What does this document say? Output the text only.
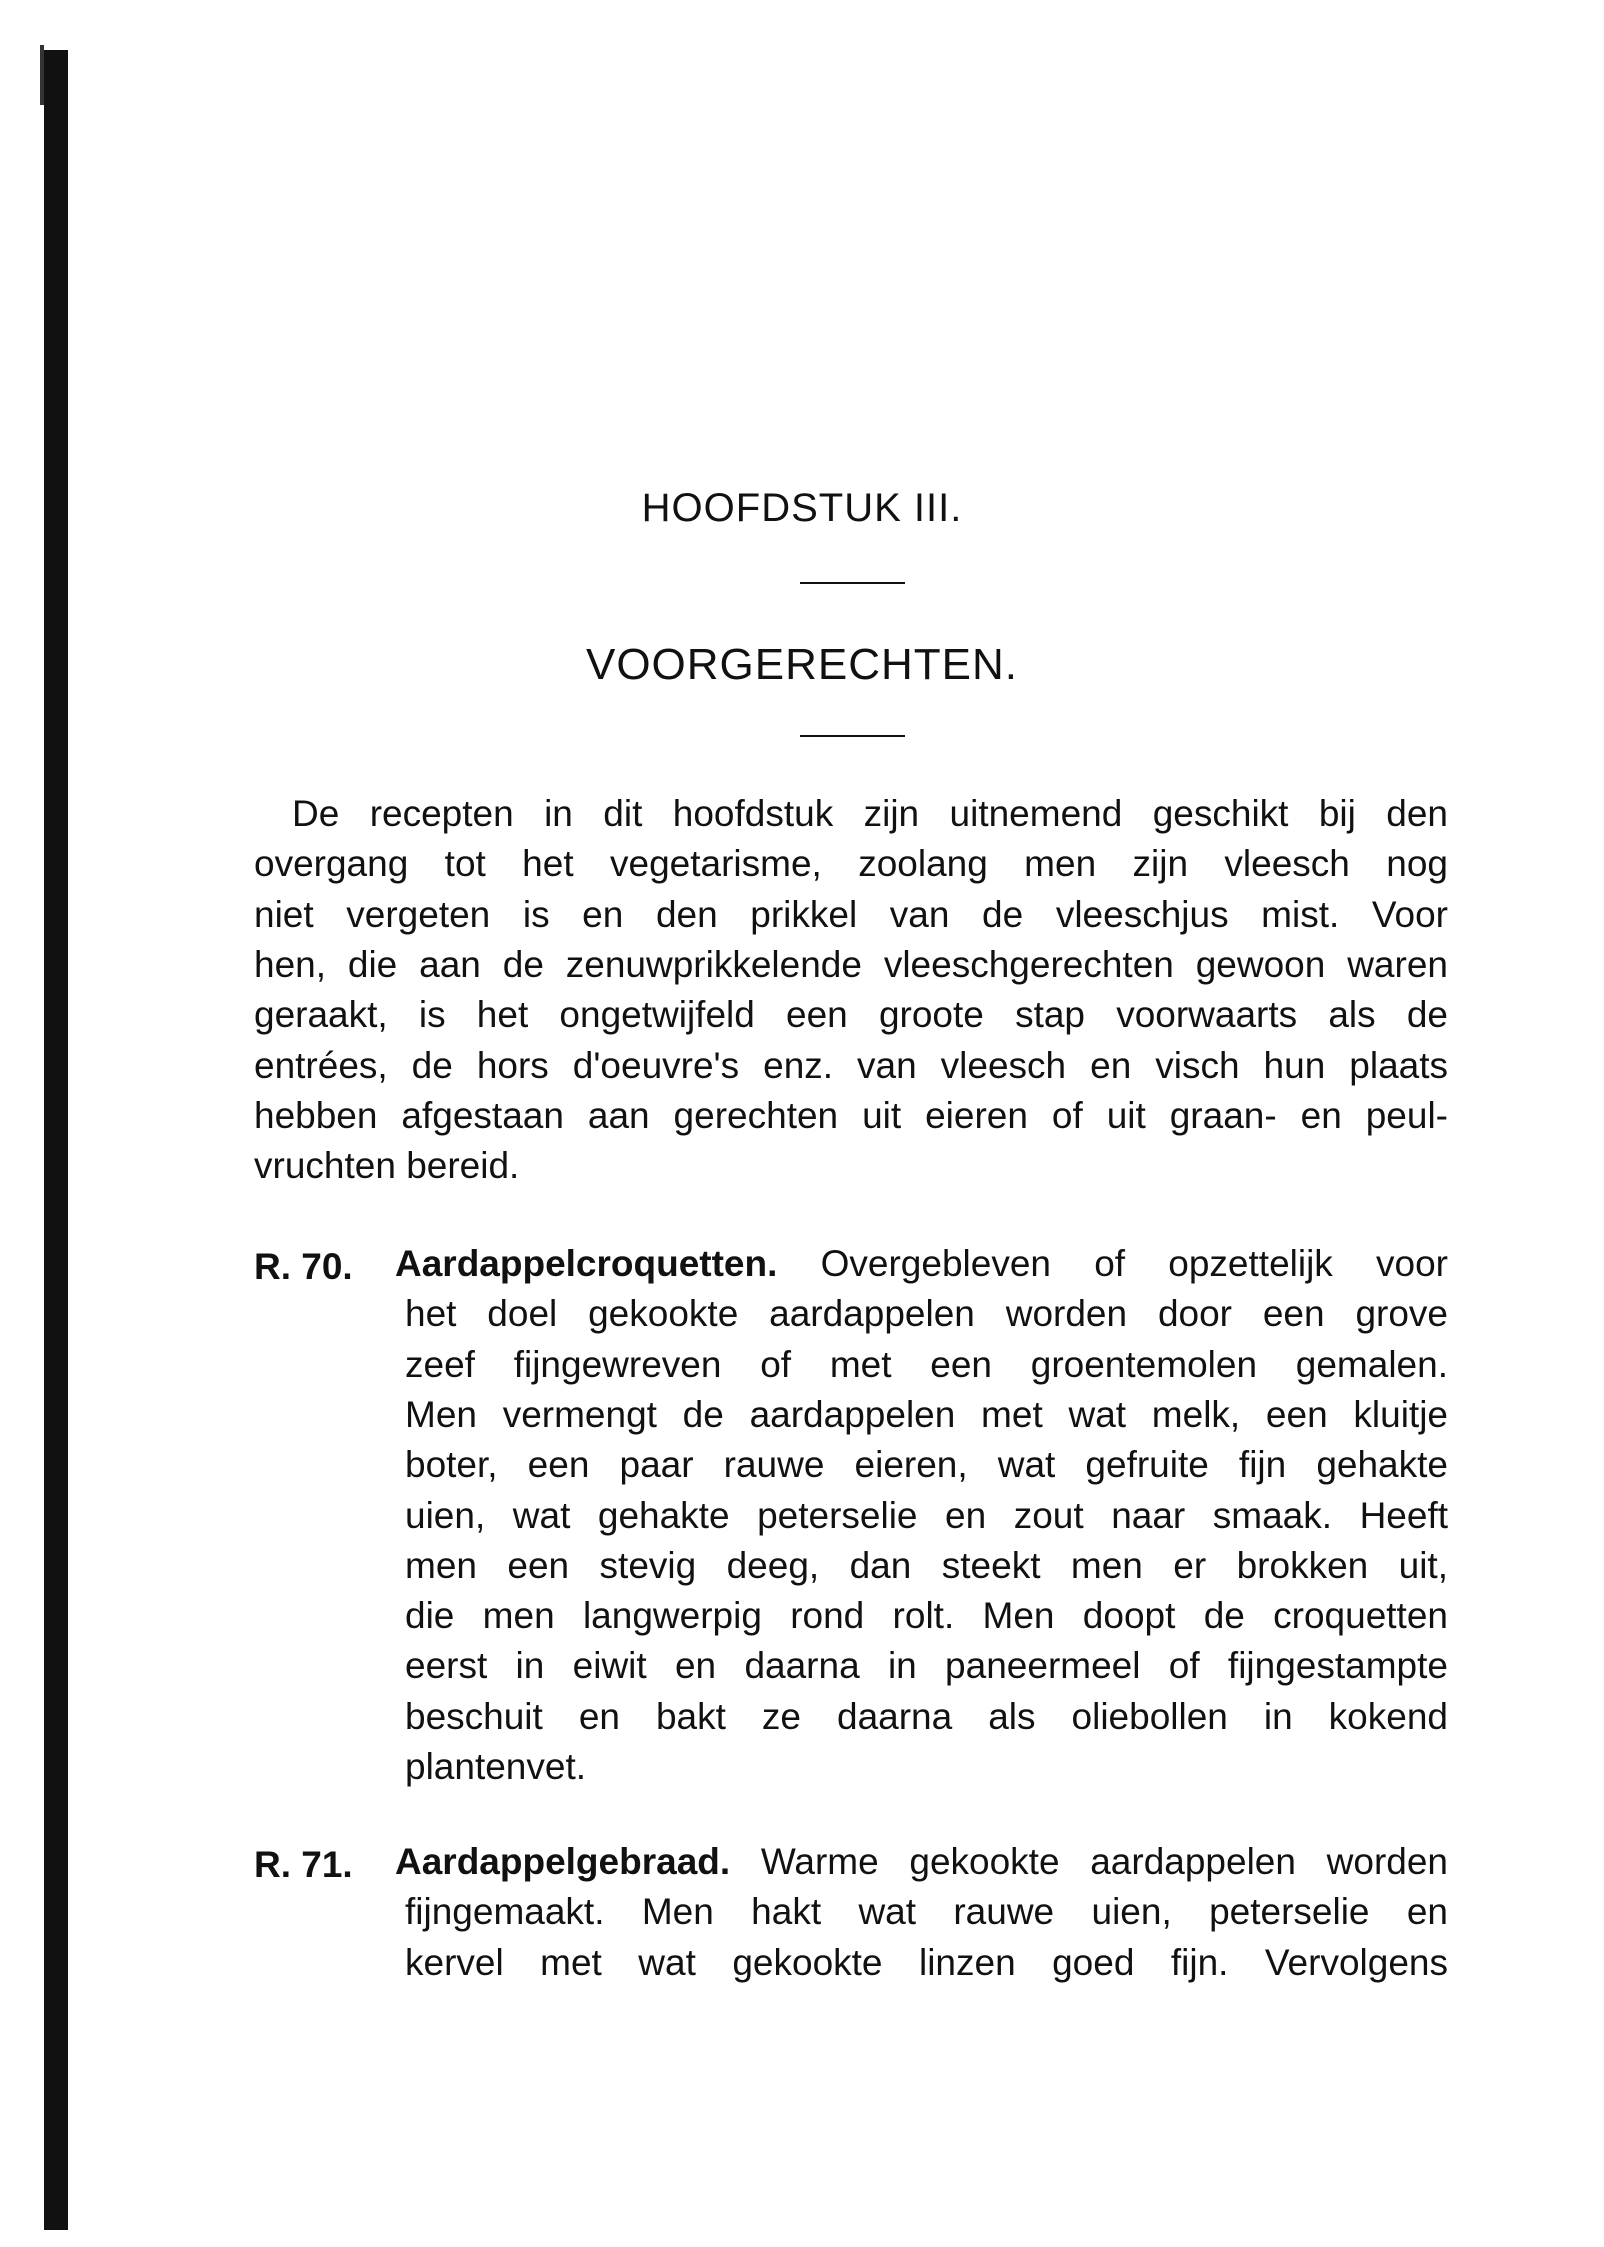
HOOFDSTUK III.
VOORGERECHTEN.
De recepten in dit hoofdstuk zijn uitnemend geschikt bij den
overgang tot het vegetarisme, zoolang men zijn vleesch nog
niet vergeten is en den prikkel van de vleeschjus mist. Voor
hen, die aan de zenuwprikkelende vleeschgerechten gewoon waren
geraakt, is het ongetwijfeld een groote stap voorwaarts als de
entrées, de hors d'oeuvre's enz. van vleesch en visch hun plaats
hebben afgestaan aan gerechten uit eieren of uit graan- en peul-
vruchten bereid.
R. 70. Aardappelcroquetten. Overgebleven of opzettelijk voor
het doel gekookte aardappelen worden door een grove
zeef fijngewreven of met een groentemolen gemalen.
Men vermengt de aardappelen met wat melk, een kluitje
boter, een paar rauwe eieren, wat gefruite fijn gehakte
uien, wat gehakte peterselie en zout naar smaak. Heeft
men een stevig deeg, dan steekt men er brokken uit,
die men langwerpig rond rolt. Men doopt de croquetten
eerst in eiwit en daarna in paneermeel of fijngestampte
beschuit en bakt ze daarna als oliebollen in kokend
plantenvet.
R. 71. Aardappelgebraad. Warme gekookte aardappelen worden
fijngemaakt. Men hakt wat rauwe uien, peterselie en
kervel met wat gekookte linzen goed fijn. Vervolgens
